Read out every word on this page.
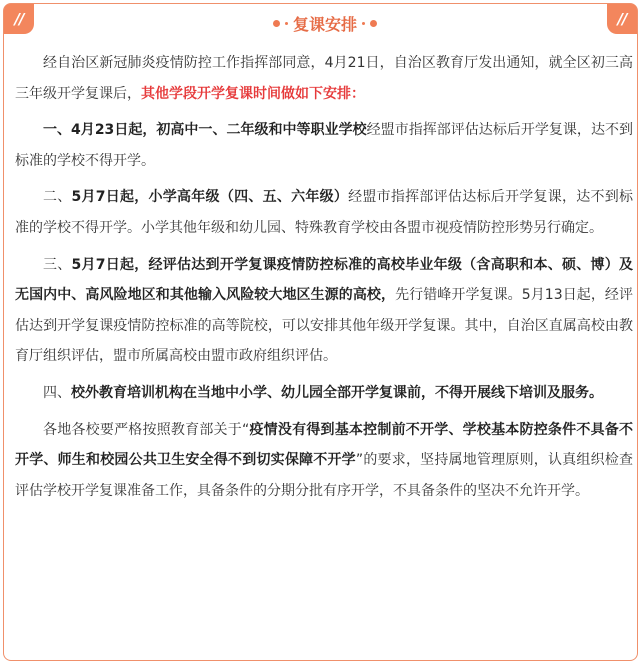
//	//
复课安排

经自治区新冠肺炎疫情防控工作指挥部同意，4月21日，自治区教育厅发出通知，就全区初三高三年级开学复课后，其他学段开学复课时间做如下安排：

一、4月23日起，初高中一、二年级和中等职业学校经盟市指挥部评估达标后开学复课，达不到标准的学校不得开学。

二、5月7日起，小学高年级（四、五、六年级）经盟市指挥部评估达标后开学复课，达不到标准的学校不得开学。小学其他年级和幼儿园、特殊教育学校由各盟市视疫情防控形势另行确定。

三、5月7日起，经评估达到开学复课疫情防控标准的高校毕业年级（含高职和本、硕、博）及无国内中、高风险地区和其他输入风险较大地区生源的高校，先行错峰开学复课。5月13日起，经评估达到开学复课疫情防控标准的高等院校，可以安排其他年级开学复课。其中，自治区直属高校由教育厅组织评估，盟市所属高校由盟市政府组织评估。

四、校外教育培训机构在当地中小学、幼儿园全部开学复课前，不得开展线下培训及服务。

各地各校要严格按照教育部关于“疫情没有得到基本控制前不开学、学校基本防控条件不具备不开学、师生和校园公共卫生安全得不到切实保障不开学”的要求，坚持属地管理原则，认真组织检查评估学校开学复课准备工作，具备条件的分期分批有序开学，不具备条件的坚决不允许开学。
